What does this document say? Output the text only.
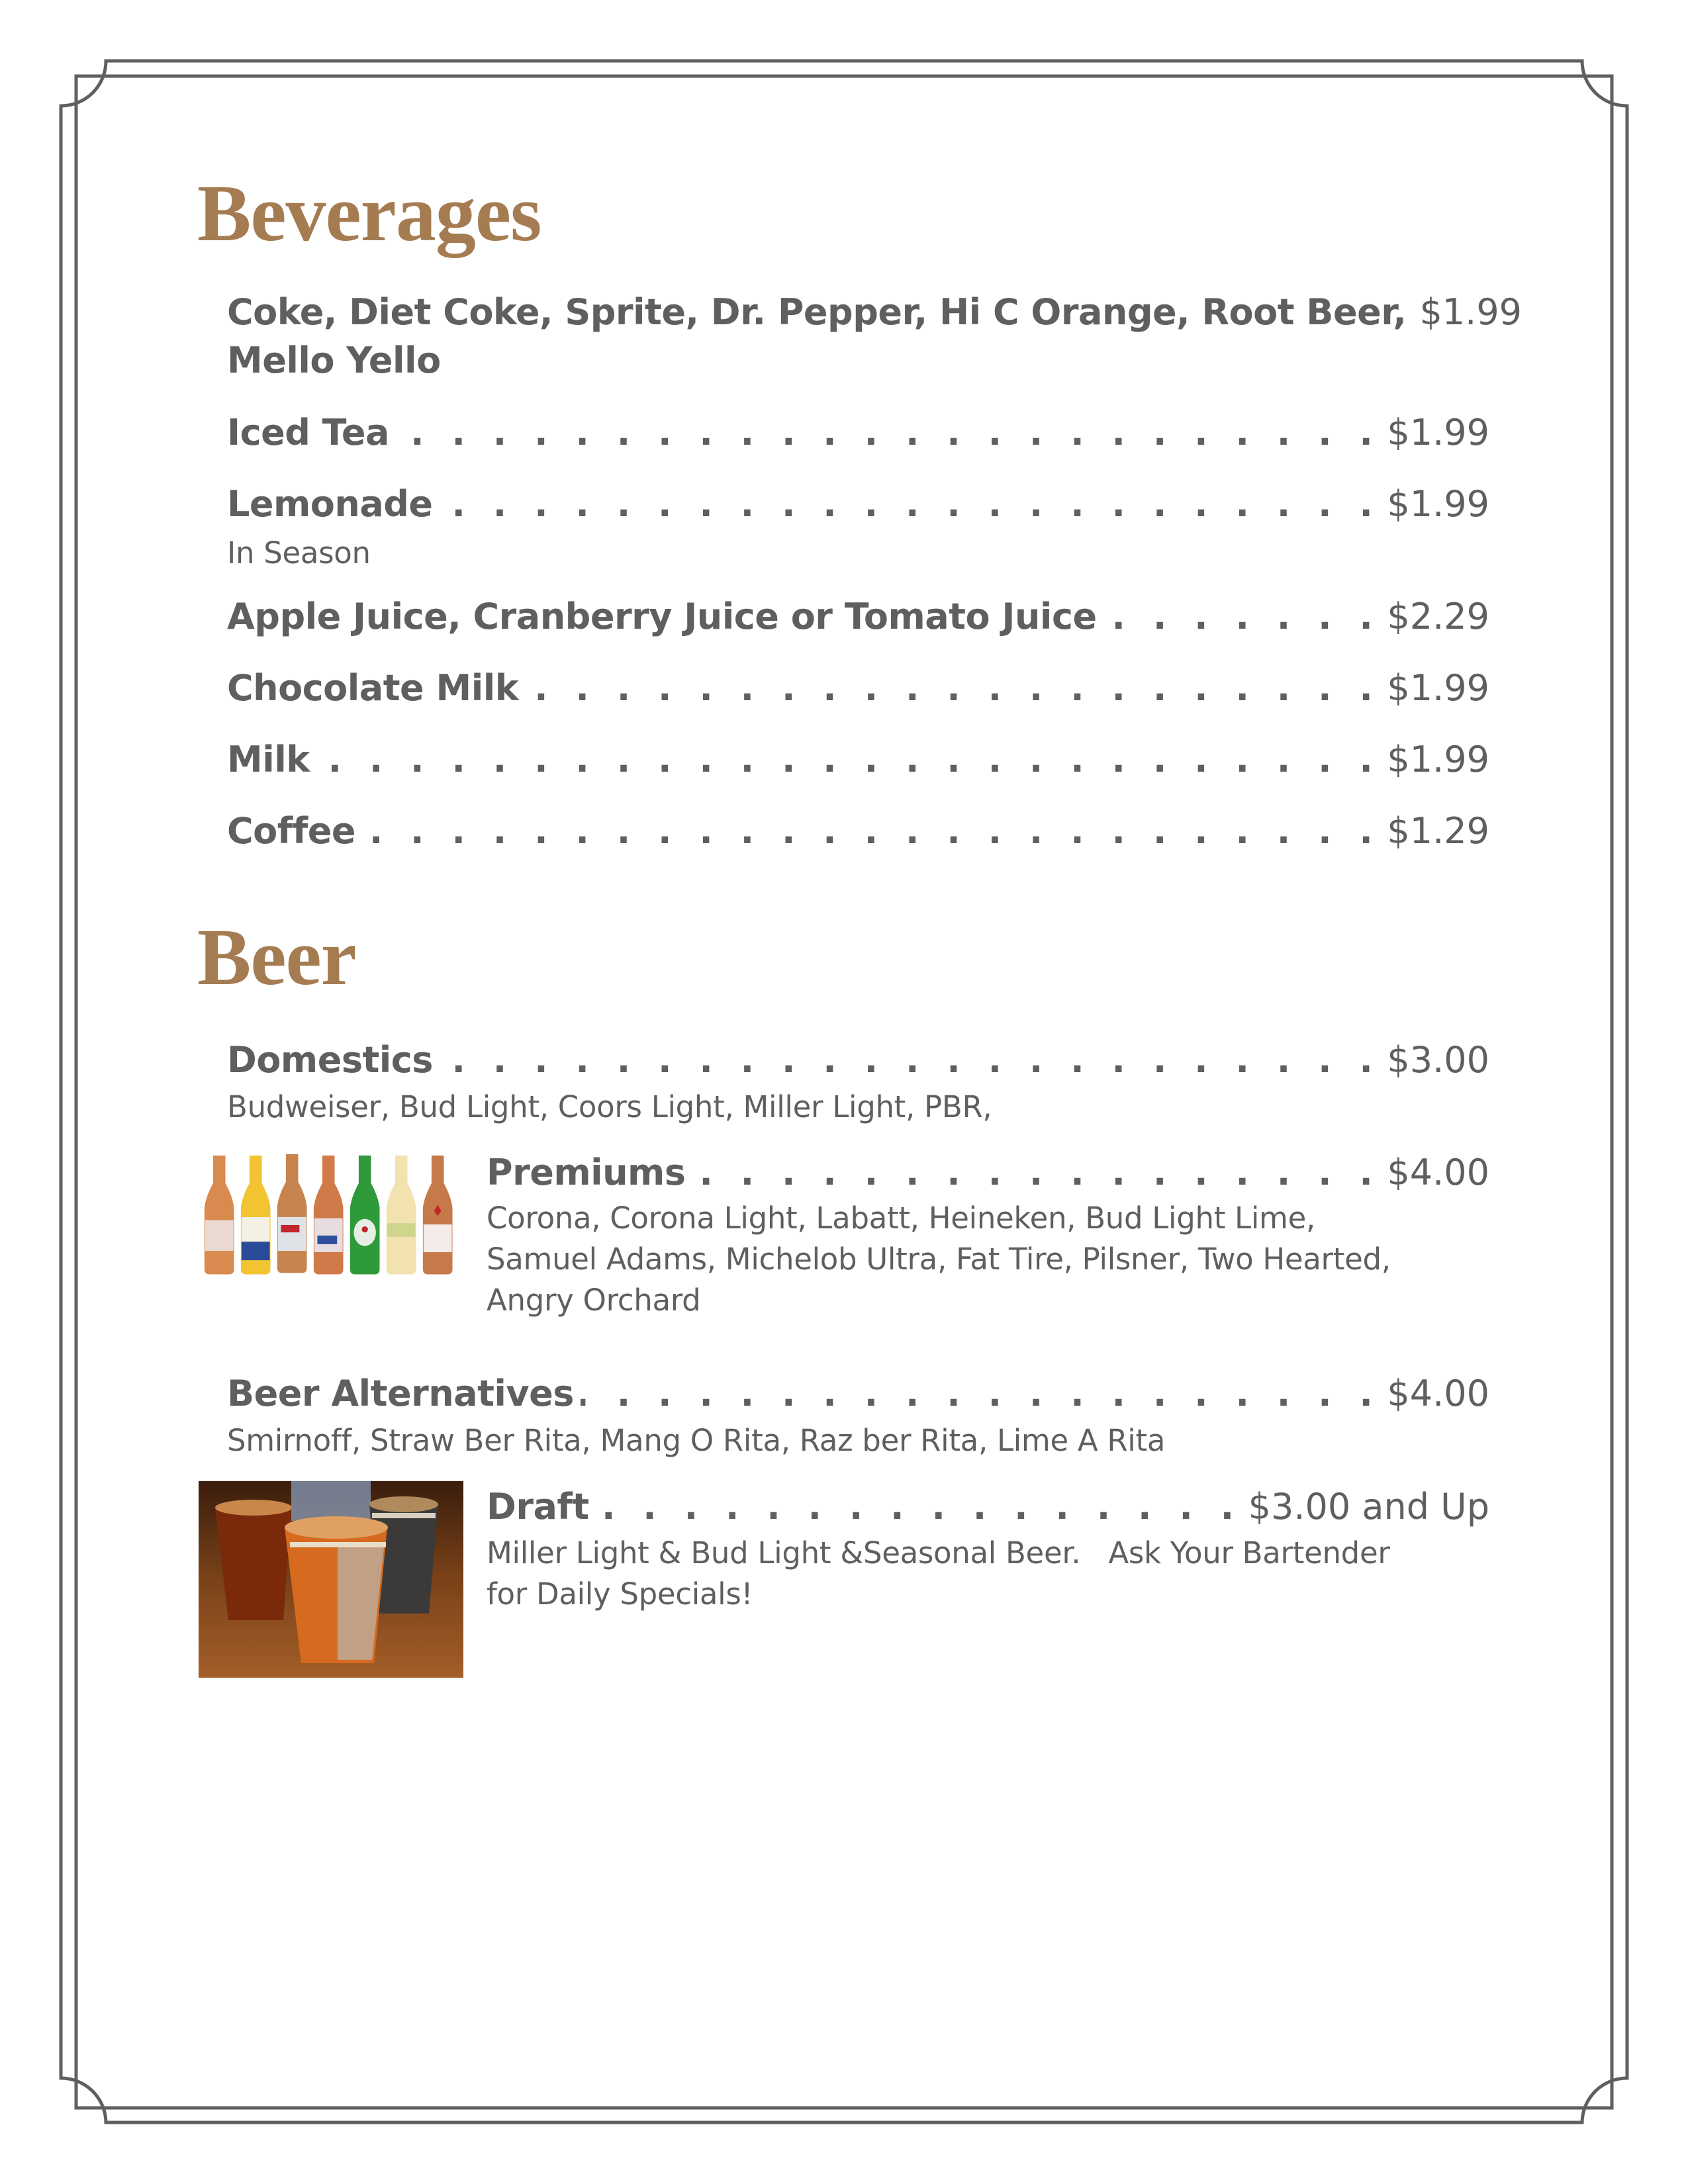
Beverages
Coke, Diet Coke, Sprite, Dr. Pepper, Hi C Orange, Root Beer, $1.99
Mello Yello
Iced Tea . . .	$1.99
Lemonade . . .	$1.99
In Season
Apple Juice, Cranberry Juice or Tomato Juice . . .	$2.29
Chocolate Milk . . .	$1.99
Milk . . .	$1.99
Coffee . . .	$1.29
Beer
Domestics . . .	$3.00
Budweiser, Bud Light, Coors Light, Miller Light, PBR,
Premiums . . .	$4.00
Corona, Corona Light, Labatt, Heineken, Bud Light Lime, Samuel Adams, Michelob Ultra, Fat Tire, Pilsner, Two Hearted, Angry Orchard
Beer Alternatives . . .	$4.00
Smirnoff, Straw Ber Rita, Mang O Rita, Raz ber Rita, Lime A Rita
Draft . . .	$3.00 and Up
Miller Light & Bud Light &Seasonal Beer.   Ask Your Bartender for Daily Specials!
